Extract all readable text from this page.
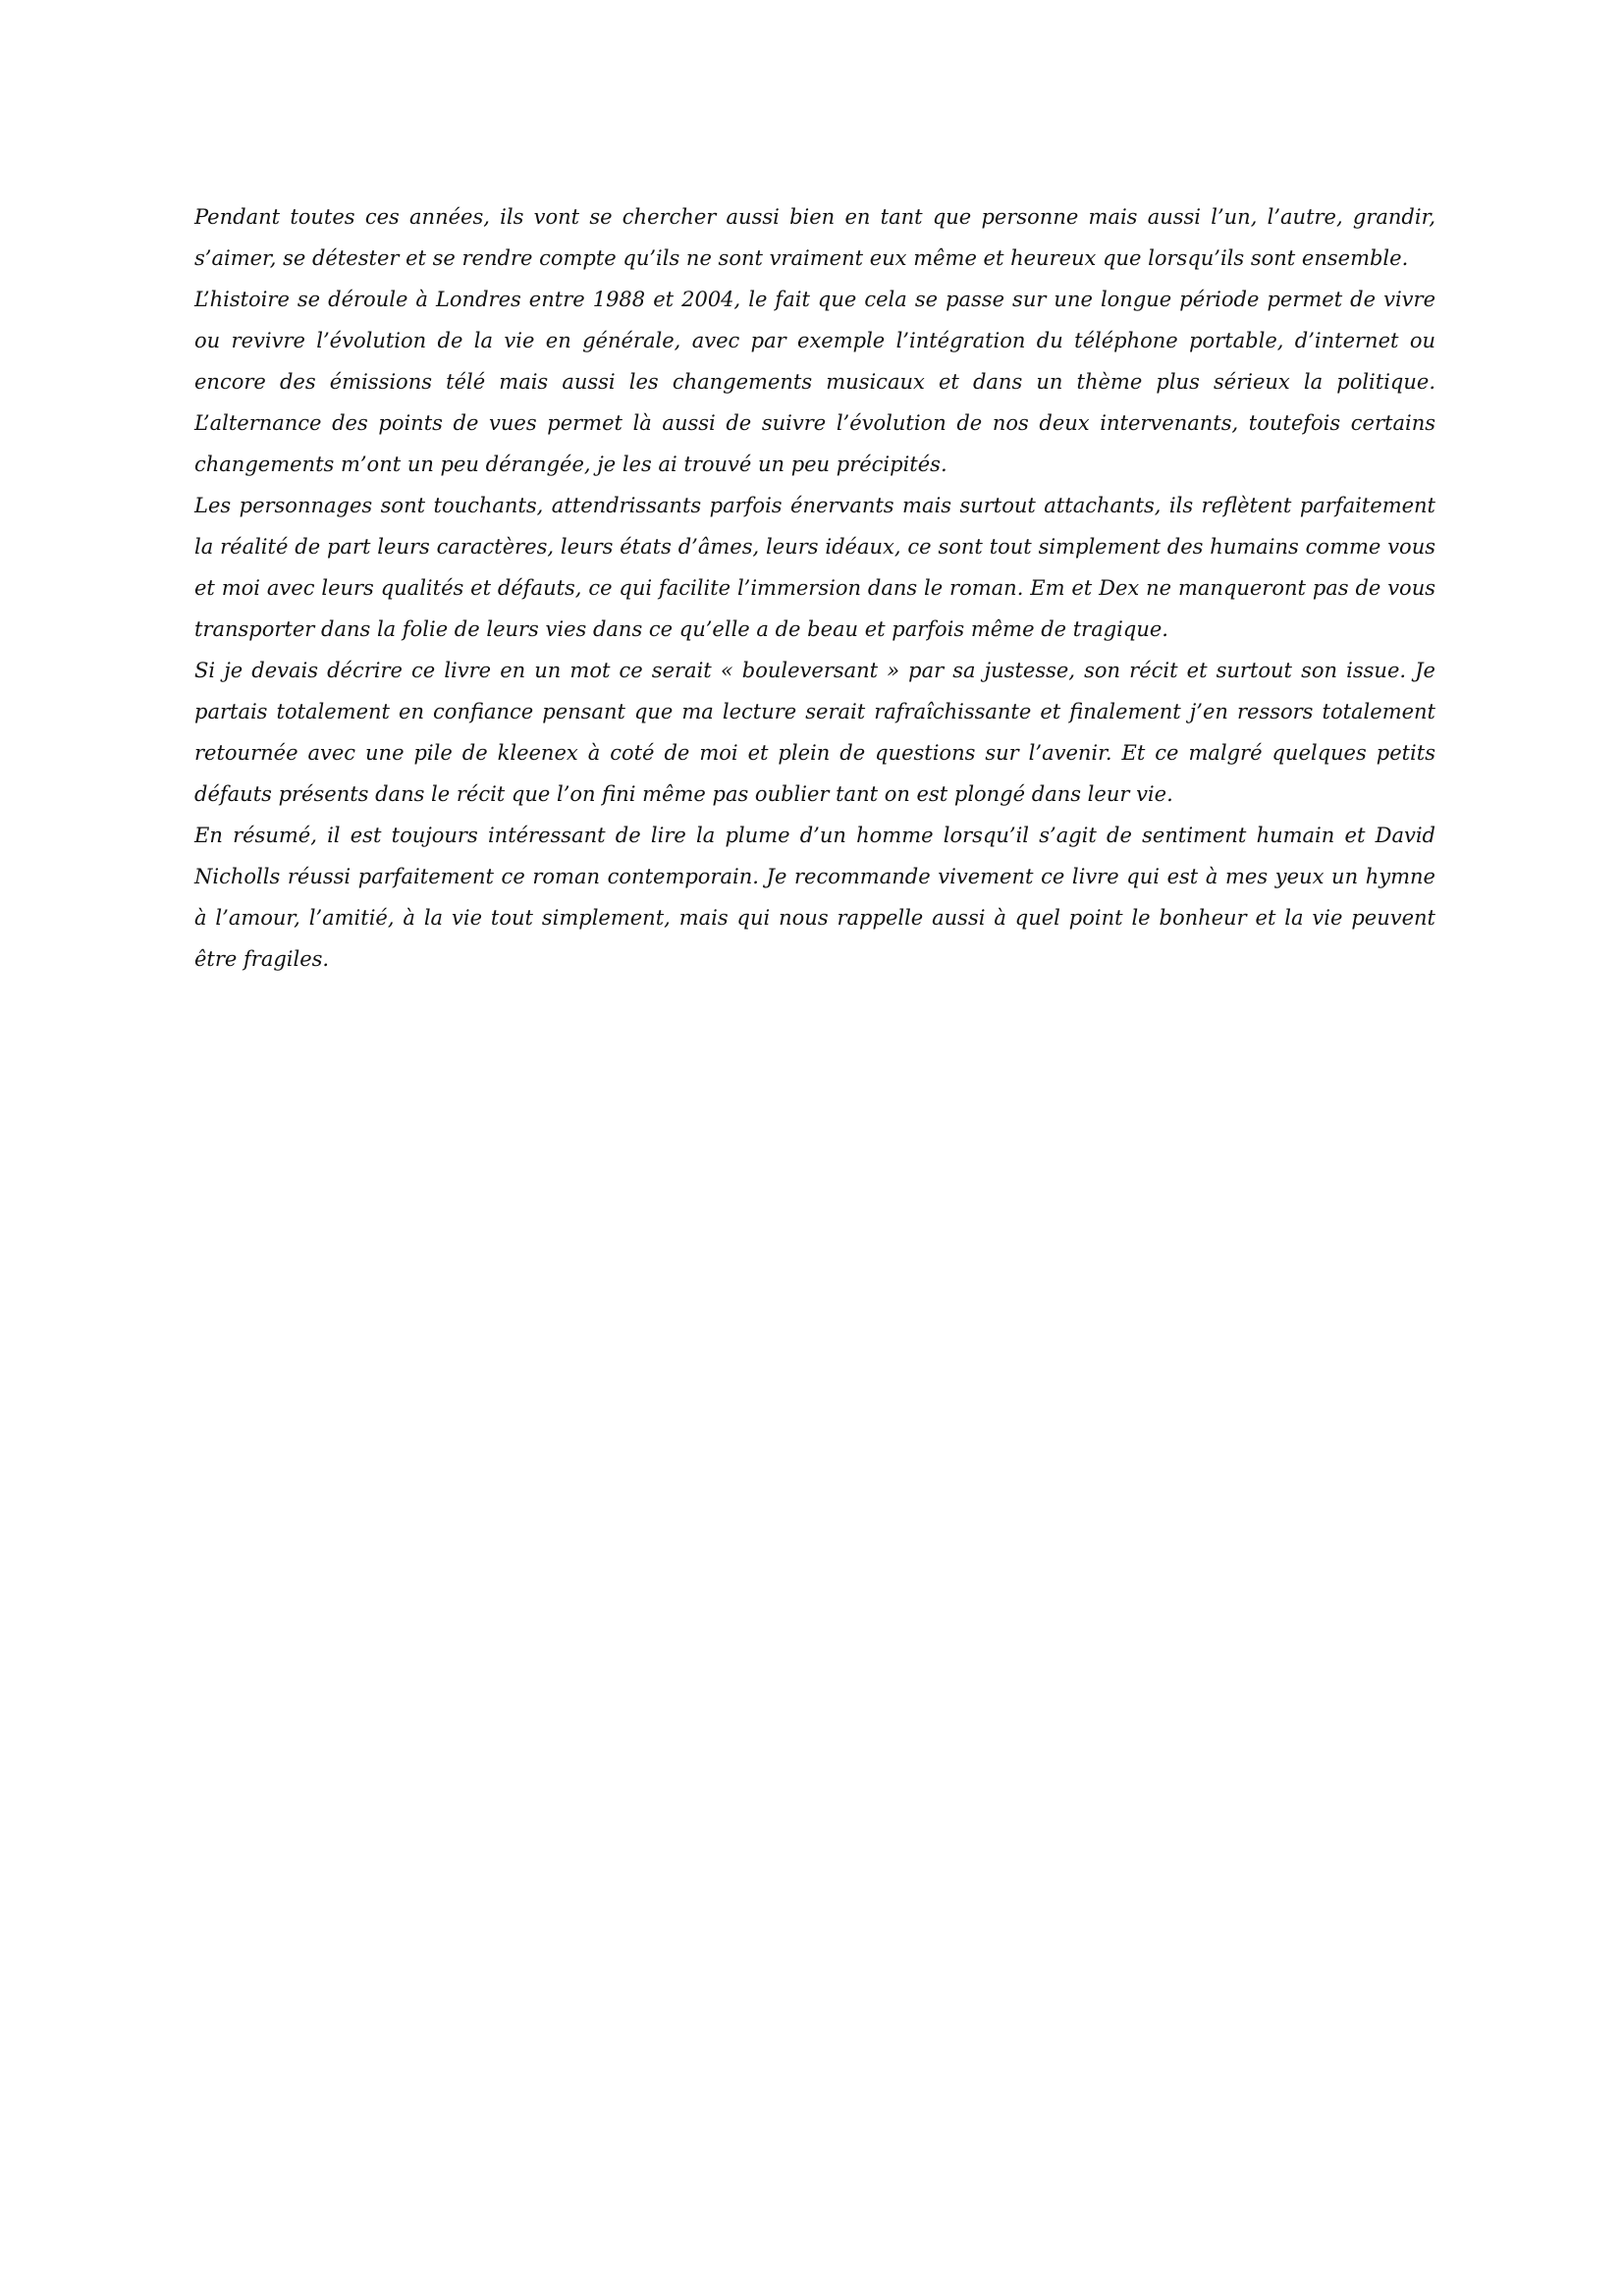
Pendant toutes ces années, ils vont se chercher aussi bien en tant que personne mais aussi l’un, l’autre, grandir, s’aimer, se détester et se rendre compte qu’ils ne sont vraiment eux même et heureux que lorsqu’ils sont ensemble.

L’histoire se déroule à Londres entre 1988 et 2004, le fait que cela se passe sur une longue période permet de vivre ou revivre l’évolution de la vie en générale, avec par exemple l’intégration du téléphone portable, d’internet ou encore des émissions télé mais aussi les changements musicaux et dans un thème plus sérieux la politique. L’alternance des points de vues permet là aussi de suivre l’évolution de nos deux intervenants, toutefois certains changements m’ont un peu dérangée, je les ai trouvé un peu précipités.

Les personnages sont touchants, attendrissants parfois énervants mais surtout attachants, ils reflètent parfaitement la réalité de part leurs caractères, leurs états d’âmes, leurs idéaux, ce sont tout simplement des humains comme vous et moi avec leurs qualités et défauts, ce qui facilite l’immersion dans le roman. Em et Dex ne manqueront pas de vous transporter dans la folie de leurs vies dans ce qu’elle a de beau et parfois même de tragique.

Si je devais décrire ce livre en un mot ce serait « bouleversant » par sa justesse, son récit et surtout son issue. Je partais totalement en confiance pensant que ma lecture serait rafraîchissante et finalement j’en ressors totalement retournée avec une pile de kleenex à coté de moi et plein de questions sur l’avenir. Et ce malgré quelques petits défauts présents dans le récit que l’on fini même pas oublier tant on est plongé dans leur vie.

En résumé, il est toujours intéressant de lire la plume d’un homme lorsqu’il s’agit de sentiment humain et David Nicholls réussi parfaitement ce roman contemporain. Je recommande vivement ce livre qui est à mes yeux un hymne à l’amour, l’amitié, à la vie tout simplement, mais qui nous rappelle aussi à quel point le bonheur et la vie peuvent être fragiles.
